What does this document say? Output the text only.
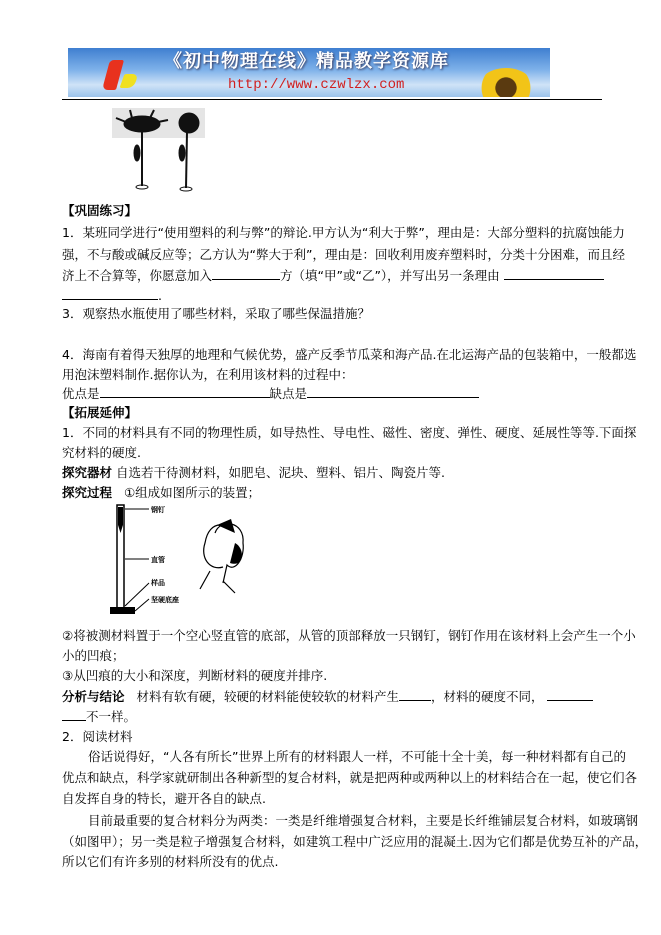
《初中物理在线》精品教学资源库
http://www.czwlzx.com
【巩固练习】
1．某班同学进行“使用塑料的利与弊”的辩论.甲方认为“利大于弊”，理由是：大部分塑料的抗腐蚀能力
强，不与酸或碱反应等；乙方认为“弊大于利”，理由是：回收利用废弃塑料时，分类十分困难，而且经
济上不合算等，你愿意加入	方（填“甲”或“乙”），并写出另一条理由
.
3．观察热水瓶使用了哪些材料，采取了哪些保温措施？
4．海南有着得天独厚的地理和气候优势，盛产反季节瓜菜和海产品.在北运海产品的包装箱中，一般都选
用泡沫塑料制作.据你认为，在利用该材料的过程中：
优点是	缺点是
【拓展延伸】
1．不同的材料具有不同的物理性质，如导热性、导电性、磁性、密度、弹性、硬度、延展性等等.下面探
究材料的硬度.
探究器材 自选若干待测材料，如肥皂、泥块、塑料、铝片、陶瓷片等.
探究过程 ①组成如图所示的装置；
钢钉
直管
样品
坚硬底座
②将被测材料置于一个空心竖直管的底部，从管的顶部释放一只钢钉，钢钉作用在该材料上会产生一个小
小的凹痕；
③从凹痕的大小和深度，判断材料的硬度并排序.
分析与结论 材料有软有硬，较硬的材料能使较软的材料产生	，材料的硬度不同，
不一样。
2．阅读材料
俗话说得好，“人各有所长”世界上所有的材料跟人一样，不可能十全十美，每一种材料都有自己的
优点和缺点，科学家就研制出各种新型的复合材料，就是把两种或两种以上的材料结合在一起，使它们各
自发挥自身的特长，避开各自的缺点.
目前最重要的复合材料分为两类：一类是纤维增强复合材料，主要是长纤维铺层复合材料，如玻璃钢
（如图甲）；另一类是粒子增强复合材料，如建筑工程中广泛应用的混凝土.因为它们都是优势互补的产品，
所以它们有许多别的材料所没有的优点.
